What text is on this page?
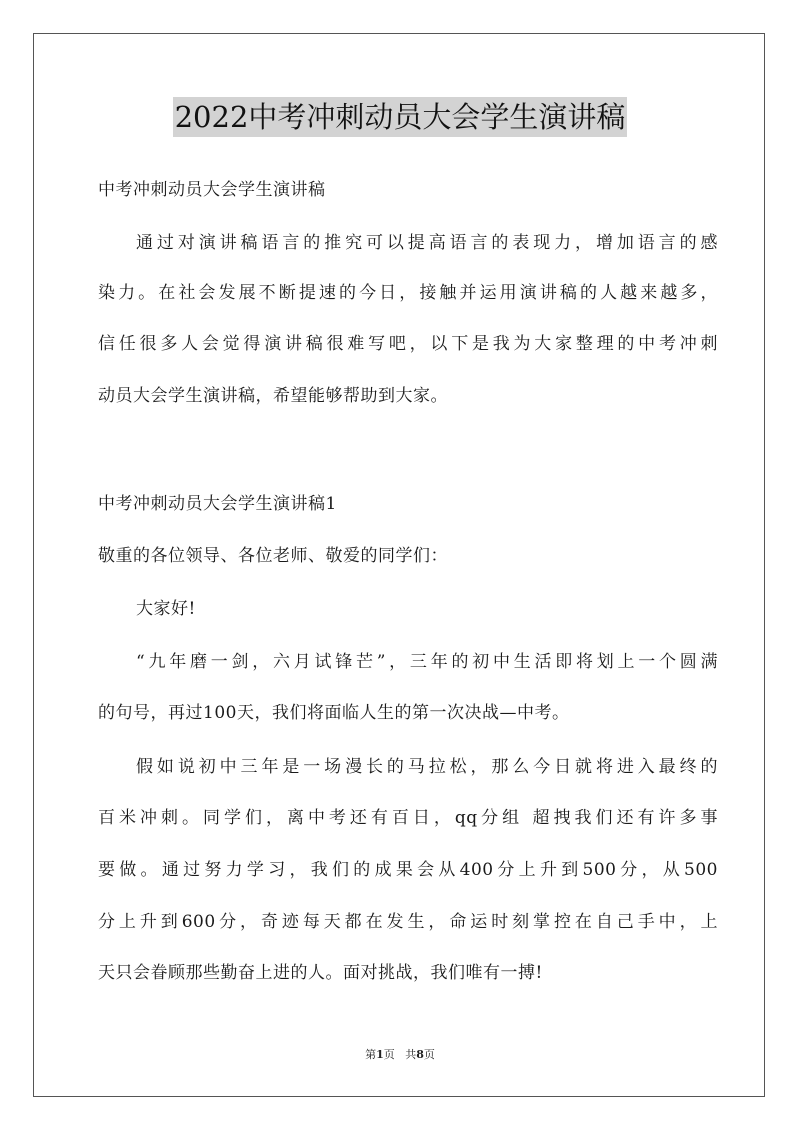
2022中考冲刺动员大会学生演讲稿
中考冲刺动员大会学生演讲稿
通过对演讲稿语言的推究可以提高语言的表现力，增加语言的感
染力。在社会发展不断提速的今日，接触并运用演讲稿的人越来越多，
信任很多人会觉得演讲稿很难写吧，以下是我为大家整理的中考冲刺
动员大会学生演讲稿，希望能够帮助到大家。
中考冲刺动员大会学生演讲稿1
敬重的各位领导、各位老师、敬爱的同学们：
大家好!
“九年磨一剑，六月试锋芒”，三年的初中生活即将划上一个圆满
的句号，再过100天，我们将面临人生的第一次决战—中考。
假如说初中三年是一场漫长的马拉松，那么今日就将进入最终的
百米冲刺。同学们，离中考还有百日，qq分组 超拽我们还有许多事
要做。通过努力学习，我们的成果会从400分上升到500分，从500
分上升到600分，奇迹每天都在发生，命运时刻掌控在自己手中，上
天只会眷顾那些勤奋上进的人。面对挑战，我们唯有一搏!
第1页 共8页
